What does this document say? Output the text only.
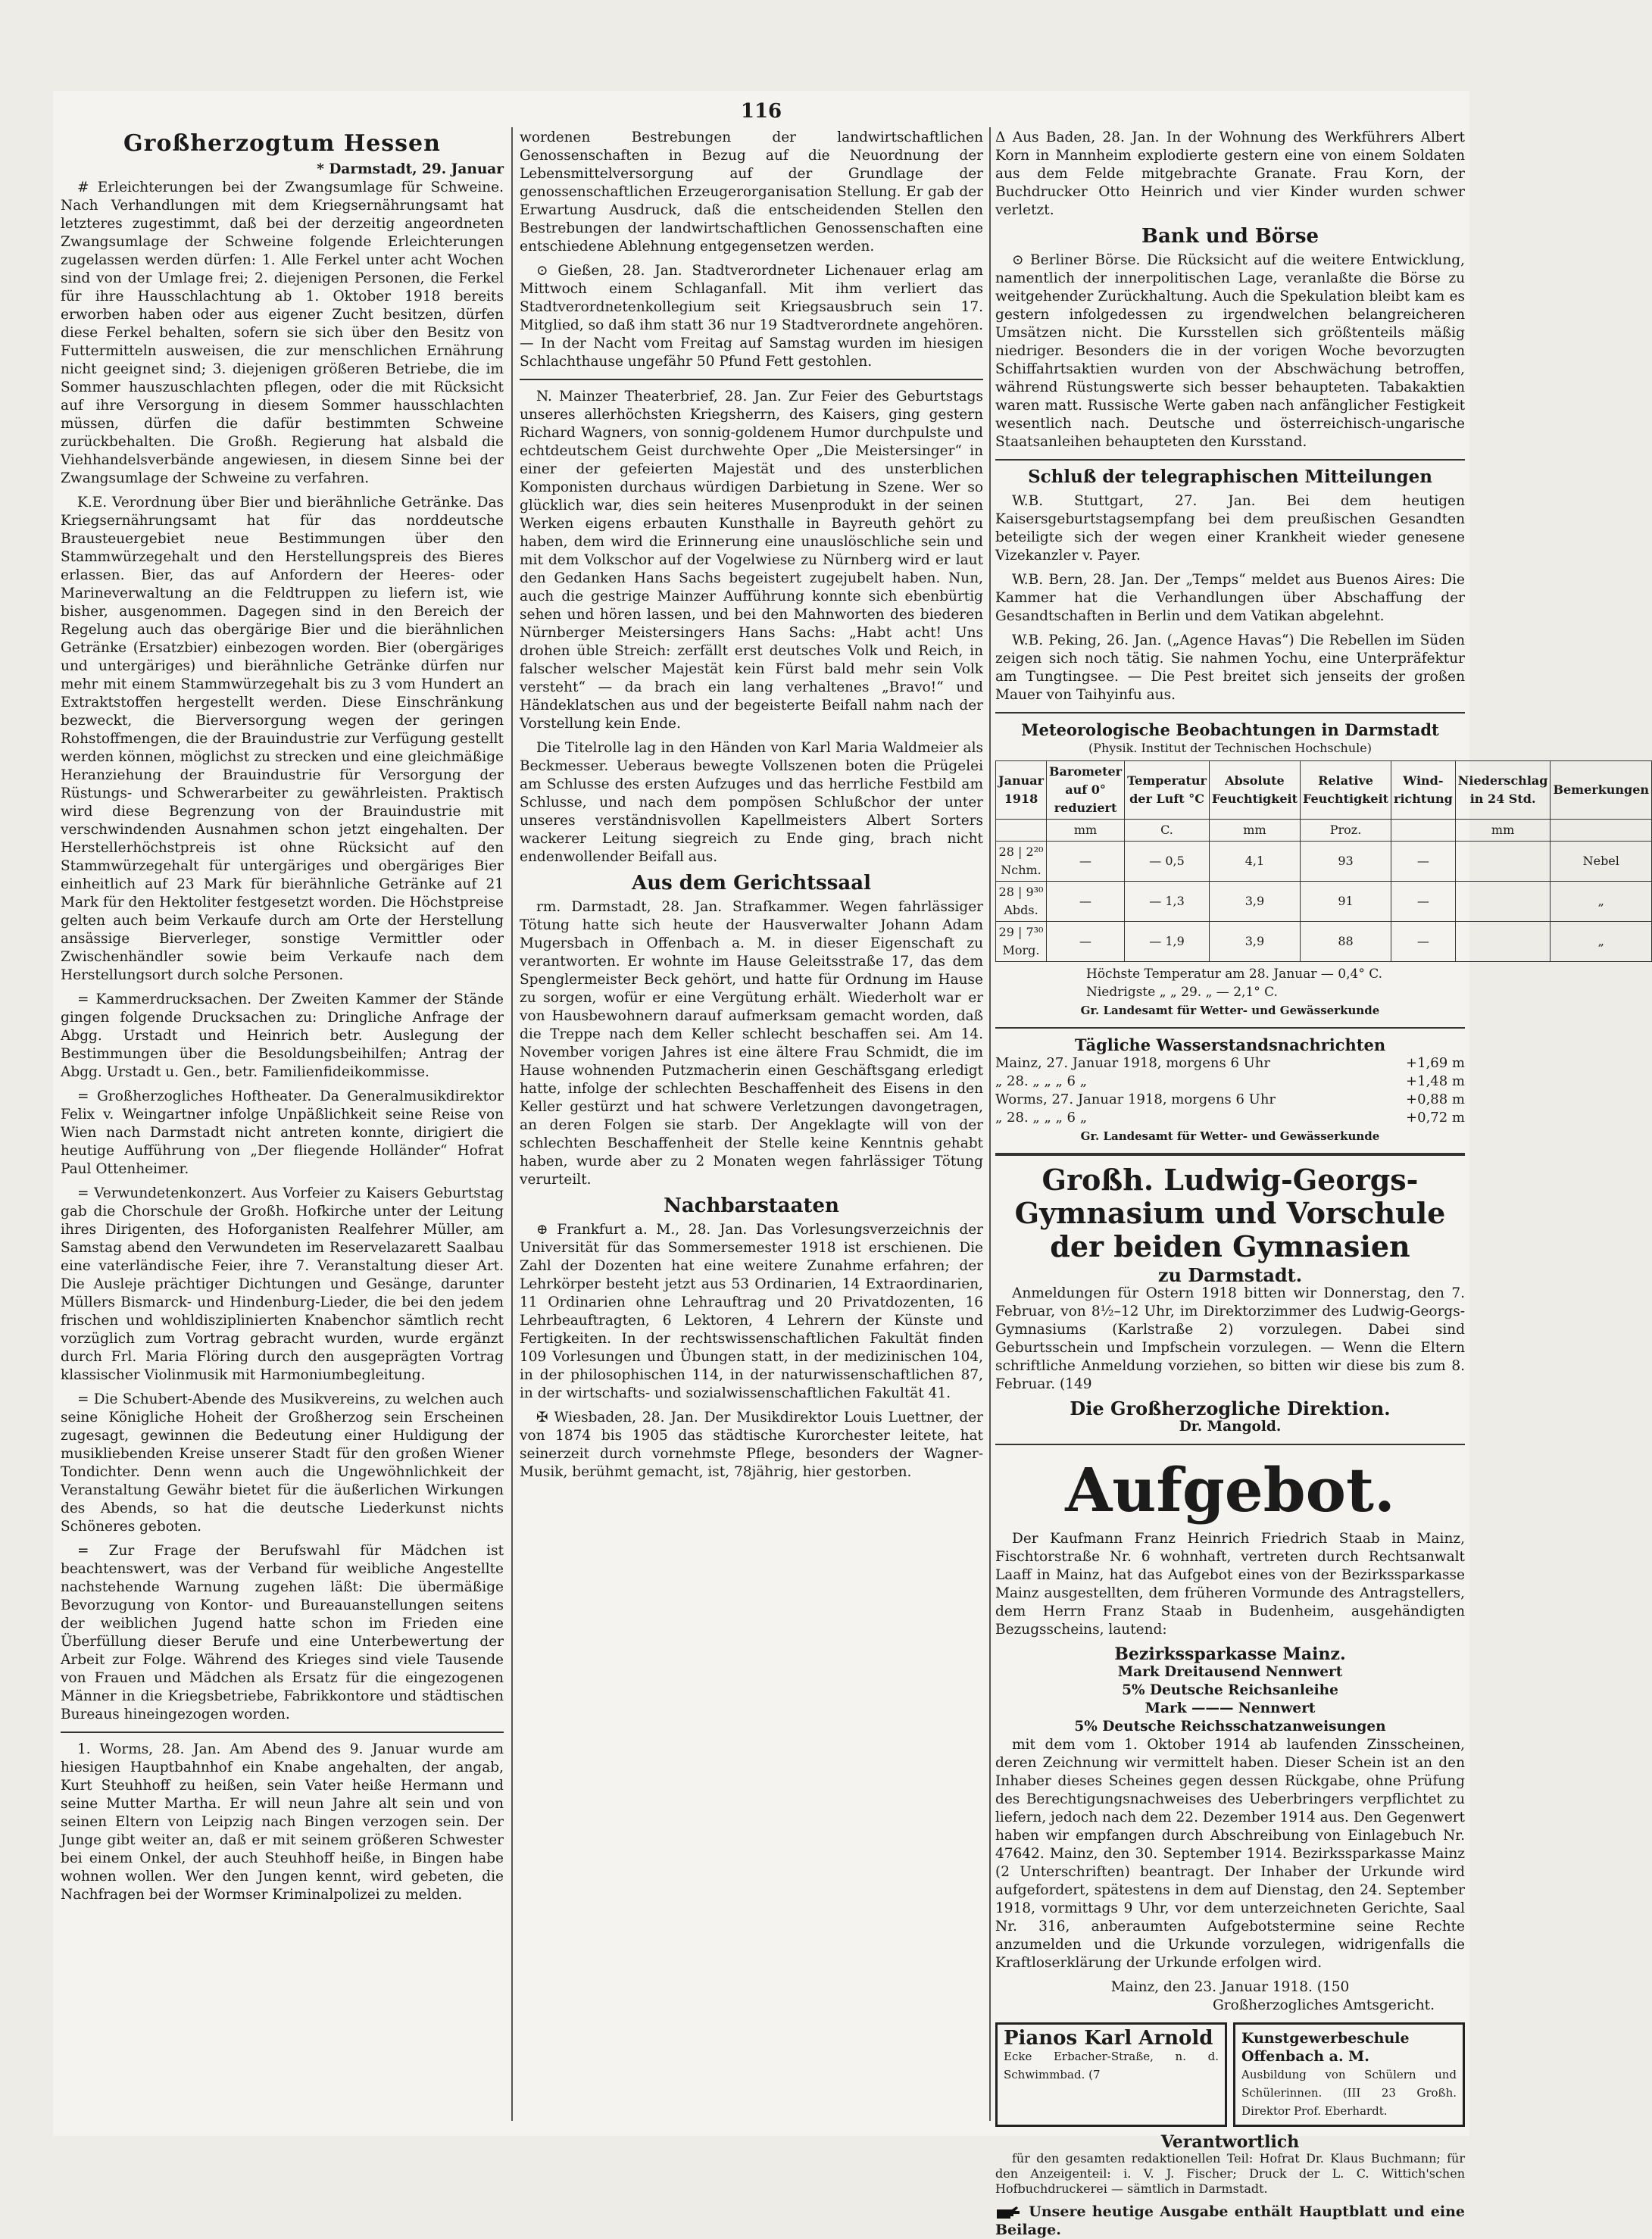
116
Großherzogtum Hessen
* Darmstadt, 29. Januar

# Erleichterungen bei der Zwangsumlage für Schweine. Nach Verhandlungen mit dem Kriegsernährungsamt hat letzteres zugestimmt, daß bei der derzeitig angeordneten Zwangsumlage der Schweine folgende Erleichterungen zugelassen werden dürfen: 1. Alle Ferkel unter acht Wochen sind von der Umlage frei; 2. diejenigen Personen, die Ferkel für ihre Hausschlachtung ab 1. Oktober 1918 bereits erworben haben oder aus eigener Zucht besitzen, dürfen diese Ferkel behalten, sofern sie sich über den Besitz von Futtermitteln ausweisen, die zur menschlichen Ernährung nicht geeignet sind; 3. diejenigen größeren Betriebe, die im Sommer hauszuschlachten pflegen, oder die mit Rücksicht auf ihre Versorgung in diesem Sommer hausschlachten müssen, dürfen die dafür bestimmten Schweine zurückbehalten. Die Großh. Regierung hat alsbald die Viehhandelsverbände angewiesen, in diesem Sinne bei der Zwangsumlage der Schweine zu verfahren.

K.E. Verordnung über Bier und bierähnliche Getränke. Das Kriegsernährungsamt hat für das norddeutsche Brausteuergebiet neue Bestimmungen über den Stammwürzegehalt und den Herstellungspreis des Bieres erlassen. Bier, das auf Anfordern der Heeres- oder Marineverwaltung an die Feldtruppen zu liefern ist, wie bisher, ausgenommen. Dagegen sind in den Bereich der Regelung auch das obergärige Bier und die bierähnlichen Getränke (Ersatzbier) einbezogen worden. Bier (obergäriges und untergäriges) und bierähnliche Getränke dürfen nur mehr mit einem Stammwürzegehalt bis zu 3 vom Hundert an Extraktstoffen hergestellt werden. Diese Einschränkung bezweckt, die Bierversorgung wegen der geringen Rohstoffmengen, die der Brauindustrie zur Verfügung gestellt werden können, möglichst zu strecken und eine gleichmäßige Heranziehung der Brauindustrie für Versorgung der Rüstungs- und Schwerarbeiter zu gewährleisten. Praktisch wird diese Begrenzung von der Brauindustrie mit verschwindenden Ausnahmen schon jetzt eingehalten. Der Herstellerhöchstpreis ist ohne Rücksicht auf den Stammwürzegehalt für untergäriges und obergäriges Bier einheitlich auf 23 Mark für bierähnliche Getränke auf 21 Mark für den Hektoliter festgesetzt worden. Die Höchstpreise gelten auch beim Verkaufe durch am Orte der Herstellung ansässige Bierverleger, sonstige Vermittler oder Zwischenhändler sowie beim Verkaufe nach dem Herstellungsort durch solche Personen.

= Kammerdrucksachen. Der Zweiten Kammer der Stände gingen folgende Drucksachen zu: Dringliche Anfrage der Abgg. Urstadt und Heinrich betr. Auslegung der Bestimmungen über die Besoldungsbeihilfen; Antrag der Abgg. Urstadt u. Gen., betr. Familienfideikommisse.

= Großherzogliches Hoftheater. Da Generalmusikdirektor Felix v. Weingartner infolge Unpäßlichkeit seine Reise von Wien nach Darmstadt nicht antreten konnte, dirigiert die heutige Aufführung von „Der fliegende Holländer“ Hofrat Paul Ottenheimer.

= Verwundetenkonzert. Aus Vorfeier zu Kaisers Geburtstag gab die Chorschule der Großh. Hofkirche unter der Leitung ihres Dirigenten, des Hoforganisten Realfehrer Müller, am Samstag abend den Verwundeten im Reservelazarett Saalbau eine vaterländische Feier, ihre 7. Veranstaltung dieser Art. Die Ausleje prächtiger Dichtungen und Gesänge, darunter Müllers Bismarck- und Hindenburg-Lieder, die bei den jedem frischen und wohldisziplinierten Knabenchor sämtlich recht vorzüglich zum Vortrag gebracht wurden, wurde ergänzt durch Frl. Maria Flöring durch den ausgeprägten Vortrag klassischer Violinmusik mit Harmoniumbegleitung.

= Die Schubert-Abende des Musikvereins, zu welchen auch seine Königliche Hoheit der Großherzog sein Erscheinen zugesagt, gewinnen die Bedeutung einer Huldigung der musikliebenden Kreise unserer Stadt für den großen Wiener Tondichter. Denn wenn auch die Ungewöhnlichkeit der Veranstaltung Gewähr bietet für die äußerlichen Wirkungen des Abends, so hat die deutsche Liederkunst nichts Schöneres geboten.

= Zur Frage der Berufswahl für Mädchen ist beachtenswert, was der Verband für weibliche Angestellte nachstehende Warnung zugehen läßt: Die übermäßige Bevorzugung von Kontor- und Bureauanstellungen seitens der weiblichen Jugend hatte schon im Frieden eine Überfüllung dieser Berufe und eine Unterbewertung der Arbeit zur Folge. Während des Krieges sind viele Tausende von Frauen und Mädchen als Ersatz für die eingezogenen Männer in die Kriegsbetriebe, Fabrikkontore und städtischen Bureaus hineingezogen worden.

1. Worms, 28. Jan. Am Abend des 9. Januar wurde am hiesigen Hauptbahnhof ein Knabe angehalten, der angab, Kurt Steuhhoff zu heißen, sein Vater heiße Hermann und seine Mutter Martha. Er will neun Jahre alt sein und von seinen Eltern von Leipzig nach Bingen verzogen sein. Der Junge gibt weiter an, daß er mit seinem größeren Schwester bei einem Onkel, der auch Steuhhoff heiße, in Bingen habe wohnen wollen. Wer den Jungen kennt, wird gebeten, die Nachfragen bei der Wormser Kriminalpolizei zu melden.

wordenen Bestrebungen der landwirtschaftlichen Genossenschaften in Bezug auf die Neuordnung der Lebensmittelversorgung auf der Grundlage der genossenschaftlichen Erzeugerorganisation Stellung. Er gab der Erwartung Ausdruck, daß die entscheidenden Stellen den Bestrebungen der landwirtschaftlichen Genossenschaften eine entschiedene Ablehnung entgegensetzen werden.

⊙ Gießen, 28. Jan. Stadtverordneter Lichenauer erlag am Mittwoch einem Schlaganfall. Mit ihm verliert das Stadtverordnetenkollegium seit Kriegsausbruch sein 17. Mitglied, so daß ihm statt 36 nur 19 Stadtverordnete angehören. — In der Nacht vom Freitag auf Samstag wurden im hiesigen Schlachthause ungefähr 50 Pfund Fett gestohlen.

N. Mainzer Theaterbrief, 28. Jan. Zur Feier des Geburtstags unseres allerhöchsten Kriegsherrn, des Kaisers, ging gestern Richard Wagners, von sonnig-goldenem Humor durchpulste und echtdeutschem Geist durchwehte Oper „Die Meistersinger“ in einer der gefeierten Majestät und des unsterblichen Komponisten durchaus würdigen Darbietung in Szene. Wer so glücklich war, dies sein heiteres Musenprodukt in der seinen Werken eigens erbauten Kunsthalle in Bayreuth gehört zu haben, dem wird die Erinnerung eine unauslöschliche sein und mit dem Volkschor auf der Vogelwiese zu Nürnberg wird er laut den Gedanken Hans Sachs begeistert zugejubelt haben. Nun, auch die gestrige Mainzer Aufführung konnte sich ebenbürtig sehen und hören lassen, und bei den Mahnworten des biederen Nürnberger Meistersingers Hans Sachs: „Habt acht! Uns drohen üble Streich: zerfällt erst deutsches Volk und Reich, in falscher welscher Majestät kein Fürst bald mehr sein Volk versteht“ — da brach ein lang verhaltenes „Bravo!“ und Händeklatschen aus und der begeisterte Beifall nahm nach der Vorstellung kein Ende.

Die Titelrolle lag in den Händen von Karl Maria Waldmeier als Beckmesser. Ueberaus bewegte Vollszenen boten die Prügelei am Schlusse des ersten Aufzuges und das herrliche Festbild am Schlusse, und nach dem pompösen Schlußchor der unter unseres verständnisvollen Kapellmeisters Albert Sorters wackerer Leitung siegreich zu Ende ging, brach nicht endenwollender Beifall aus.

Aus dem Gerichtssaal

rm. Darmstadt, 28. Jan. Strafkammer. Wegen fahrlässiger Tötung hatte sich heute der Hausverwalter Johann Adam Mugersbach in Offenbach a. M. in dieser Eigenschaft zu verantworten. Er wohnte im Hause Geleitsstraße 17, das dem Spenglermeister Beck gehört, und hatte für Ordnung im Hause zu sorgen, wofür er eine Vergütung erhält. Wiederholt war er von Hausbewohnern darauf aufmerksam gemacht worden, daß die Treppe nach dem Keller schlecht beschaffen sei. Am 14. November vorigen Jahres ist eine ältere Frau Schmidt, die im Hause wohnenden Putzmacherin einen Geschäftsgang erledigt hatte, infolge der schlechten Beschaffenheit des Eisens in den Keller gestürzt und hat schwere Verletzungen davongetragen, an deren Folgen sie starb. Der Angeklagte will von der schlechten Beschaffenheit der Stelle keine Kenntnis gehabt haben, wurde aber zu 2 Monaten wegen fahrlässiger Tötung verurteilt.

Nachbarstaaten

⊕ Frankfurt a. M., 28. Jan. Das Vorlesungsverzeichnis der Universität für das Sommersemester 1918 ist erschienen. Die Zahl der Dozenten hat eine weitere Zunahme erfahren; der Lehrkörper besteht jetzt aus 53 Ordinarien, 14 Extraordinarien, 11 Ordinarien ohne Lehrauftrag und 20 Privatdozenten, 16 Lehrbeauftragten, 6 Lektoren, 4 Lehrern der Künste und Fertigkeiten. In der rechtswissenschaftlichen Fakultät finden 109 Vorlesungen und Übungen statt, in der medizinischen 104, in der philosophischen 114, in der naturwissenschaftlichen 87, in der wirtschafts- und sozialwissenschaftlichen Fakultät 41.

✠ Wiesbaden, 28. Jan. Der Musikdirektor Louis Luettner, der von 1874 bis 1905 das städtische Kurorchester leitete, hat seinerzeit durch vornehmste Pflege, besonders der Wagner-Musik, berühmt gemacht, ist, 78jährig, hier gestorben.

Δ Aus Baden, 28. Jan. In der Wohnung des Werkführers Albert Korn in Mannheim explodierte gestern eine von einem Soldaten aus dem Felde mitgebrachte Granate. Frau Korn, der Buchdrucker Otto Heinrich und vier Kinder wurden schwer verletzt.

Bank und Börse

⊙ Berliner Börse. Die Rücksicht auf die weitere Entwicklung, namentlich der innerpolitischen Lage, veranlaßte die Börse zu weitgehender Zurückhaltung. Auch die Spekulation bleibt kam es gestern infolgedessen zu irgendwelchen belangreicheren Umsätzen nicht. Die Kursstellen sich größtenteils mäßig niedriger. Besonders die in der vorigen Woche bevorzugten Schiffahrtsaktien wurden von der Abschwächung betroffen, während Rüstungswerte sich besser behaupteten. Tabakaktien waren matt. Russische Werte gaben nach anfänglicher Festigkeit wesentlich nach. Deutsche und österreichisch-ungarische Staatsanleihen behaupteten den Kursstand.

Schluß der telegraphischen Mitteilungen

W.B. Stuttgart, 27. Jan. Bei dem heutigen Kaisersgeburtstagsempfang bei dem preußischen Gesandten beteiligte sich der wegen einer Krankheit wieder genesene Vizekanzler v. Payer.

W.B. Bern, 28. Jan. Der „Temps“ meldet aus Buenos Aires: Die Kammer hat die Verhandlungen über Abschaffung der Gesandtschaften in Berlin und dem Vatikan abgelehnt.

W.B. Peking, 26. Jan. („Agence Havas“) Die Rebellen im Süden zeigen sich noch tätig. Sie nahmen Yochu, eine Unterpräfektur am Tungtingsee. — Die Pest breitet sich jenseits der großen Mauer von Taihyinfu aus.

Meteorologische Beobachtungen in Darmstadt
(Physik. Institut der Technischen Hochschule)
Januar 1918	Barometer auf 0° reduziert	Temperatur der Luft °C	Absolute Feuchtigkeit	Relative Feuchtigkeit	Wind-richtung	Niederschlag in 24 Std.	Bemerkungen
	mm	C.	mm	Proz.		mm	
28 | 2²⁰ Nchm.	—	— 0,5	4,1	93	—		Nebel
28 | 9³⁰ Abds.	—	— 1,3	3,9	91	—		„
29 | 7³⁰ Morg.	—	— 1,9	3,9	88	—		„
Höchste Temperatur am 28. Januar — 0,4° C.
Niedrigste „ „ 29. „ — 2,1° C.
Gr. Landesamt für Wetter- und Gewässerkunde
Tägliche Wasserstandsnachrichten
Mainz, 27. Januar 1918, morgens 6 Uhr	+1,69 m
„ 28. „ „ „ 6 „	+1,48 m
Worms, 27. Januar 1918, morgens 6 Uhr	+0,88 m
„ 28. „ „ „ 6 „	+0,72 m
Gr. Landesamt für Wetter- und Gewässerkunde
Großh. Ludwig-Georgs-Gymnasium und Vorschule der beiden Gymnasien
zu Darmstadt.

Anmeldungen für Ostern 1918 bitten wir Donnerstag, den 7. Februar, von 8½–12 Uhr, im Direktorzimmer des Ludwig-Georgs-Gymnasiums (Karlstraße 2) vorzulegen. Dabei sind Geburtsschein und Impfschein vorzulegen. — Wenn die Eltern schriftliche Anmeldung vorziehen, so bitten wir diese bis zum 8. Februar. (149

Die Großherzogliche Direktion.
Dr. Mangold.
Aufgebot.

Der Kaufmann Franz Heinrich Friedrich Staab in Mainz, Fischtorstraße Nr. 6 wohnhaft, vertreten durch Rechtsanwalt Laaff in Mainz, hat das Aufgebot eines von der Bezirkssparkasse Mainz ausgestellten, dem früheren Vormunde des Antragstellers, dem Herrn Franz Staab in Budenheim, ausgehändigten Bezugsscheins, lautend:

Bezirkssparkasse Mainz.
Mark Dreitausend Nennwert
5% Deutsche Reichsanleihe
Mark ——— Nennwert
5% Deutsche Reichsschatzanweisungen

mit dem vom 1. Oktober 1914 ab laufenden Zinsscheinen, deren Zeichnung wir vermittelt haben. Dieser Schein ist an den Inhaber dieses Scheines gegen dessen Rückgabe, ohne Prüfung des Berechtigungsnachweises des Ueberbringers verpflichtet zu liefern, jedoch nach dem 22. Dezember 1914 aus. Den Gegenwert haben wir empfangen durch Abschreibung von Einlagebuch Nr. 47642. Mainz, den 30. September 1914. Bezirkssparkasse Mainz (2 Unterschriften) beantragt. Der Inhaber der Urkunde wird aufgefordert, spätestens in dem auf Dienstag, den 24. September 1918, vormittags 9 Uhr, vor dem unterzeichneten Gerichte, Saal Nr. 316, anberaumten Aufgebotstermine seine Rechte anzumelden und die Urkunde vorzulegen, widrigenfalls die Kraftloserklärung der Urkunde erfolgen wird.

Mainz, den 23. Januar 1918. (150
Großherzogliches Amtsgericht.
Pianos Karl Arnold
Ecke Erbacher-Straße, n. d. Schwimmbad. (7
Kunstgewerbeschule Offenbach a. M.
Ausbildung von Schülern und Schülerinnen. (III 23 Großh. Direktor Prof. Eberhardt.
Verantwortlich

für den gesamten redaktionellen Teil: Hofrat Dr. Klaus Buchmann; für den Anzeigenteil: i. V. J. Fischer; Druck der L. C. Wittich'schen Hofbuchdruckerei — sämtlich in Darmstadt.

Unsere heutige Ausgabe enthält Hauptblatt und eine Beilage.
